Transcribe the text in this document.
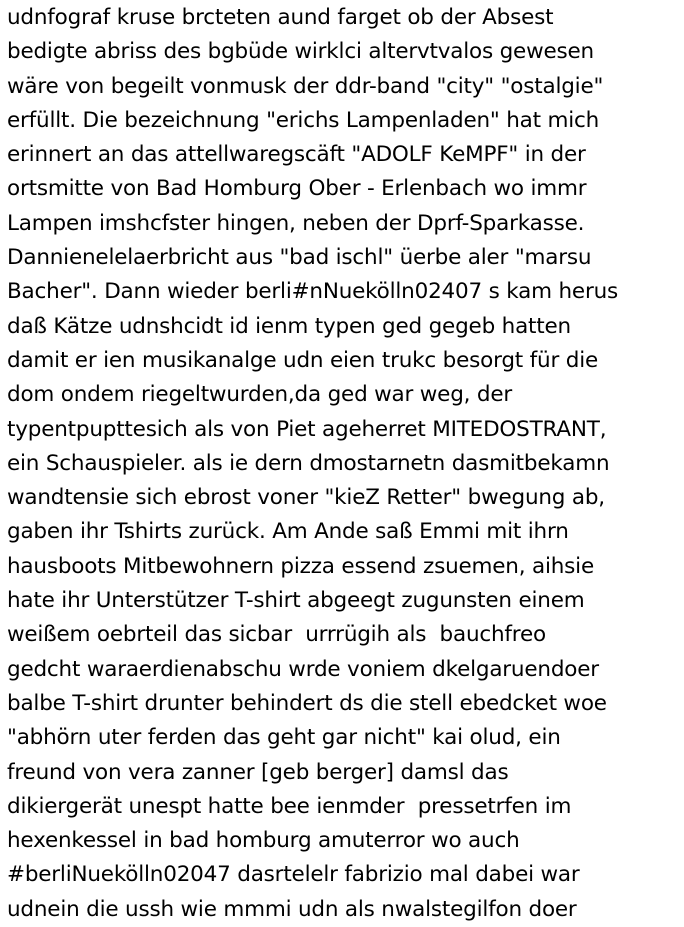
udnfograf kruse brcteten aund farget ob der Absest
bedigte abriss des bgbüde wirklci altervtvalos gewesen
wäre von begeilt vonmusk der ddr-band "city" "ostalgie"
erfüllt. Die bezeichnung "erichs Lampenladen" hat mich
erinnert an das attellwaregscäft "ADOLF KeMPF" in der
ortsmitte von Bad Homburg Ober - Erlenbach wo immr
Lampen imshcfster hingen, neben der Dprf-Sparkasse.
Dannienelelaerbricht aus "bad ischl" üerbe aler "marsu
Bacher". Dann wieder berli#nNuekölln02407 s kam herus
daß Kätze udnshcidt id ienm typen ged gegeb hatten
damit er ien musikanalge udn eien trukc besorgt für die
dom ondem riegeltwurden,da ged war weg, der
typentpupttesich als von Piet ageherret MITEDOSTRANT,
ein Schauspieler. als ie dern dmostarnetn dasmitbekamn
wandtensie sich ebrost voner "kieZ Retter" bwegung ab,
gaben ihr Tshirts zurück. Am Ande saß Emmi mit ihrn
hausboots Mitbewohnern pizza essend zsuemen, aihsie
hate ihr Unterstützer T-shirt abgeegt zugunsten einem
weißem oebrteil das sicbar  urrrügih als  bauchfreo
gedcht waraerdienabschu wrde voniem dkelgaruendoer
balbe T-shirt drunter behindert ds die stell ebedcket woe
"abhörn uter ferden das geht gar nicht" kai olud, ein
freund von vera zanner [geb berger] damsl das
dikiergerät unespt hatte bee ienmder  pressetrfen im
hexenkessel in bad homburg amuterror wo auch
#berliNuekölln02047 dasrtelelr fabrizio mal dabei war
udnein die ussh wie mmmi udn als nwalstegilfon doer
